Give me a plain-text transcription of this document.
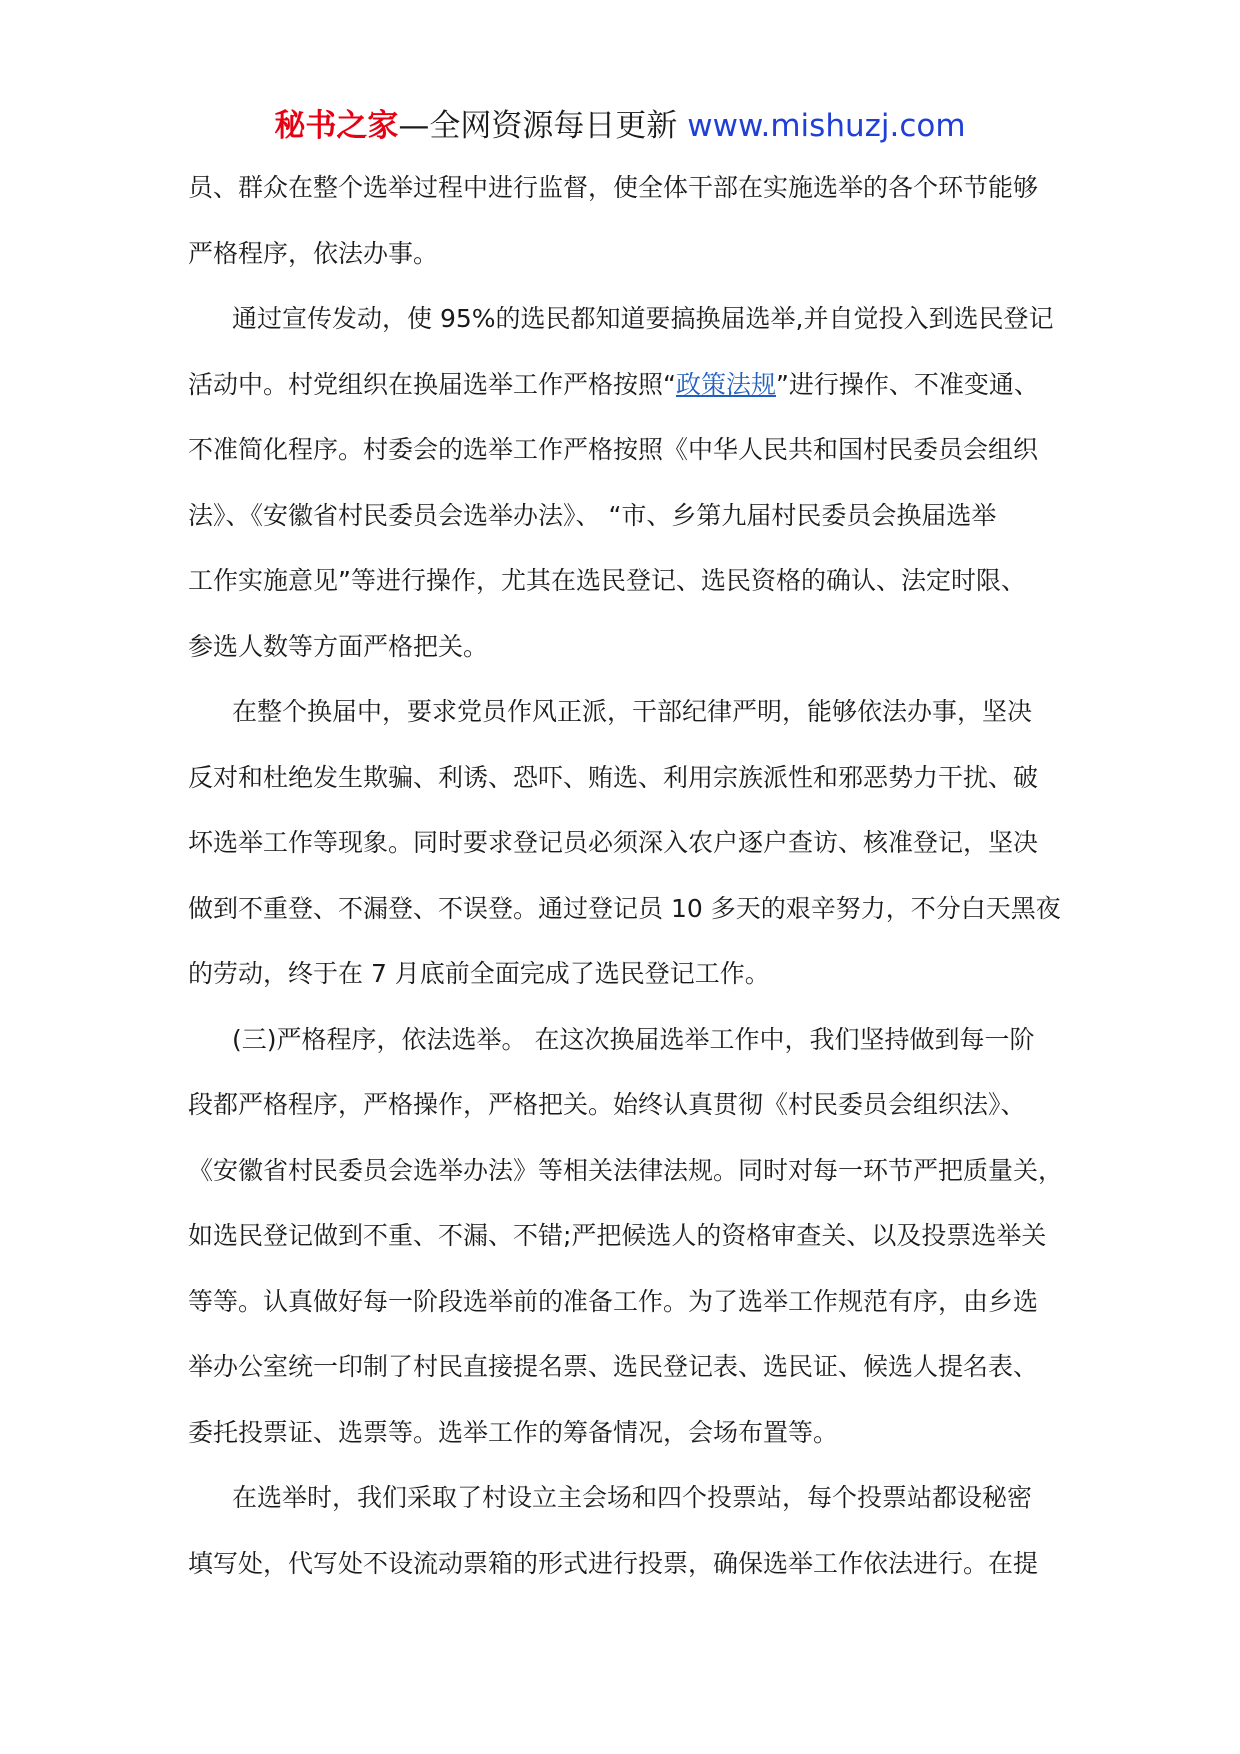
秘书之家—全网资源每日更新 www.mishuzj.com
员、群众在整个选举过程中进行监督，使全体干部在实施选举的各个环节能够
严格程序，依法办事。
通过宣传发动，使 95%的选民都知道要搞换届选举,并自觉投入到选民登记
活动中。村党组织在换届选举工作严格按照“政策法规”进行操作、不准变通、
不准简化程序。村委会的选举工作严格按照《中华人民共和国村民委员会组织
法》、《安徽省村民委员会选举办法》、 “市、乡第九届村民委员会换届选举
工作实施意见”等进行操作，尤其在选民登记、选民资格的确认、法定时限、
参选人数等方面严格把关。
在整个换届中，要求党员作风正派，干部纪律严明，能够依法办事，坚决
反对和杜绝发生欺骗、利诱、恐吓、贿选、利用宗族派性和邪恶势力干扰、破
坏选举工作等现象。同时要求登记员必须深入农户逐户查访、核准登记，坚决
做到不重登、不漏登、不误登。通过登记员 10 多天的艰辛努力，不分白天黑夜
的劳动，终于在 7 月底前全面完成了选民登记工作。
(三)严格程序，依法选举。 在这次换届选举工作中，我们坚持做到每一阶
段都严格程序，严格操作，严格把关。始终认真贯彻《村民委员会组织法》、
《安徽省村民委员会选举办法》等相关法律法规。同时对每一环节严把质量关，
如选民登记做到不重、不漏、不错;严把候选人的资格审查关、以及投票选举关
等等。认真做好每一阶段选举前的准备工作。为了选举工作规范有序，由乡选
举办公室统一印制了村民直接提名票、选民登记表、选民证、候选人提名表、
委托投票证、选票等。选举工作的筹备情况，会场布置等。
在选举时，我们采取了村设立主会场和四个投票站，每个投票站都设秘密
填写处，代写处不设流动票箱的形式进行投票，确保选举工作依法进行。在提
